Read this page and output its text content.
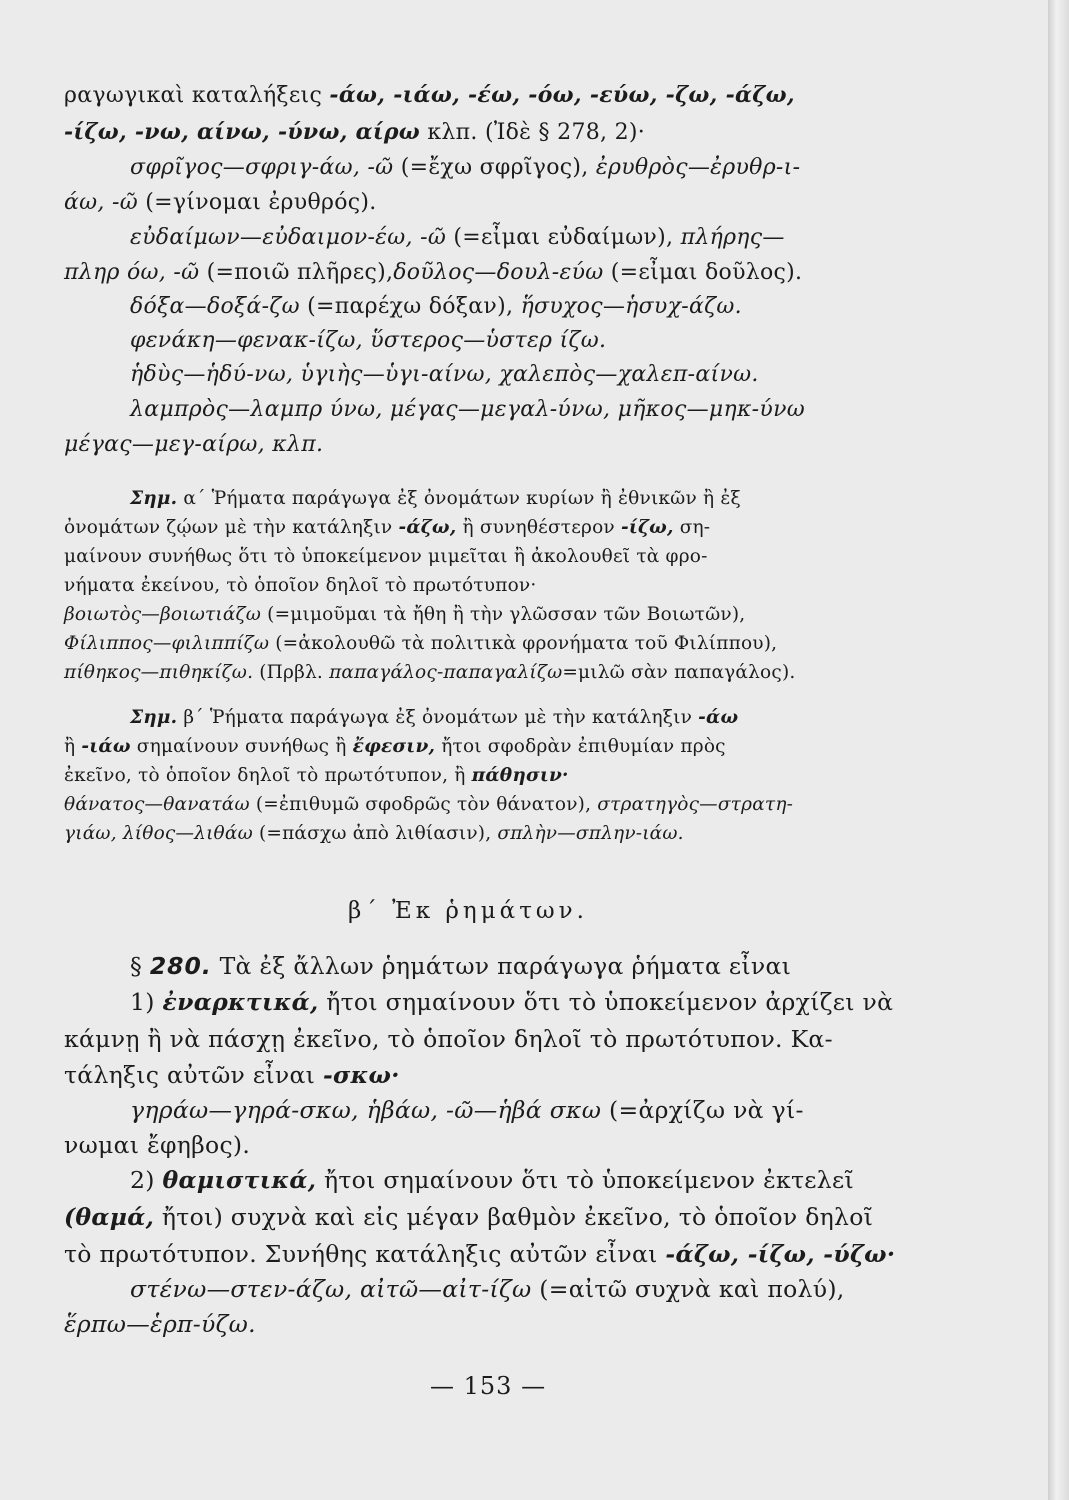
ραγωγικαὶ καταλήξεις -άω, -ιάω, -έω, -όω, -εύω, -ζω, -άζω,
-ίζω, -νω, αίνω, -ύνω, αίρω κλπ. (Ἰδὲ § 278, 2)·
σφρῖγος—σφριγ-άω, -ῶ (=ἔχω σφρῖγος), ἐρυθρὸς—ἐρυθρ-ι-
άω, -ῶ (=γίνομαι ἐρυθρός).
εὐδαίμων—εὐδαιμον-έω, -ῶ (=εἶμαι εὐδαίμων), πλήρης—
πληρ όω, -ῶ (=ποιῶ πλῆρες),δοῦλος—δουλ-εύω (=εἶμαι δοῦλος).
δόξα—δοξά-ζω (=παρέχω δόξαν), ἥσυχος—ἡσυχ-άζω.
φενάκη—φενακ-ίζω, ὕστερος—ὑστερ ίζω.
ἡδὺς—ἡδύ-νω, ὑγιὴς—ὑγι-αίνω, χαλεπὸς—χαλεπ-αίνω.
λαμπρὸς—λαμπρ ύνω, μέγας—μεγαλ-ύνω, μῆκος—μηκ-ύνω
μέγας—μεγ-αίρω, κλπ.
Σημ. α´ Ῥήματα παράγωγα ἐξ ὀνομάτων κυρίων ἢ ἐθνικῶν ἢ ἐξ
ὀνομάτων ζῴων μὲ τὴν κατάληξιν -άζω, ἢ συνηθέστερον -ίζω, ση-
μαίνουν συνήθως ὅτι τὸ ὑποκείμενον μιμεῖται ἢ ἀκολουθεῖ τὰ φρο-
νήματα ἐκείνου, τὸ ὁποῖον δηλοῖ τὸ πρωτότυπον·
βοιωτὸς—βοιωτιάζω (=μιμοῦμαι τὰ ἤθη ἢ τὴν γλῶσσαν τῶν Βοιωτῶν),
Φίλιππος—φιλιππίζω (=ἀκολουθῶ τὰ πολιτικὰ φρονήματα τοῦ Φιλίππου),
πίθηκος—πιθηκίζω. (Πρβλ. παπαγάλος-παπαγαλίζω=μιλῶ σὰν παπαγάλος).
Σημ. β´ Ῥήματα παράγωγα ἐξ ὀνομάτων μὲ τὴν κατάληξιν -άω
ἢ -ιάω σημαίνουν συνήθως ἢ ἔφεσιν, ἤτοι σφοδρὰν ἐπιθυμίαν πρὸς
ἐκεῖνο, τὸ ὁποῖον δηλοῖ τὸ πρωτότυπον, ἢ πάθησιν·
θάνατος—θανατάω (=ἐπιθυμῶ σφοδρῶς τὸν θάνατον), στρατηγὸς—στρατη-
γιάω, λίθος—λιθάω (=πάσχω ἀπὸ λιθίασιν), σπλὴν—σπλην-ιάω.
β´ Ἐκ ῥημάτων.
§ 280. Τὰ ἐξ ἄλλων ῥημάτων παράγωγα ῥήματα εἶναι
1) ἐναρκτικά, ἤτοι σημαίνουν ὅτι τὸ ὑποκείμενον ἀρχίζει νὰ
κάμνῃ ἢ νὰ πάσχῃ ἐκεῖνο, τὸ ὁποῖον δηλοῖ τὸ πρωτότυπον. Κα-
τάληξις αὐτῶν εἶναι -σκω·
γηράω—γηρά-σκω, ἡβάω, -ῶ—ἡβά σκω (=ἀρχίζω νὰ γί-
νωμαι ἔφηβος).
2) θαμιστικά, ἤτοι σημαίνουν ὅτι τὸ ὑποκείμενον ἐκτελεῖ
(θαμά, ἤτοι) συχνὰ καὶ εἰς μέγαν βαθμὸν ἐκεῖνο, τὸ ὁποῖον δηλοῖ
τὸ πρωτότυπον. Συνήθης κατάληξις αὐτῶν εἶναι -άζω, -ίζω, -ύζω·
στένω—στεν-άζω, αἰτῶ—αἰτ-ίζω (=αἰτῶ συχνὰ καὶ πολύ),
ἕρπω—ἑρπ-ύζω.
— 153 —
